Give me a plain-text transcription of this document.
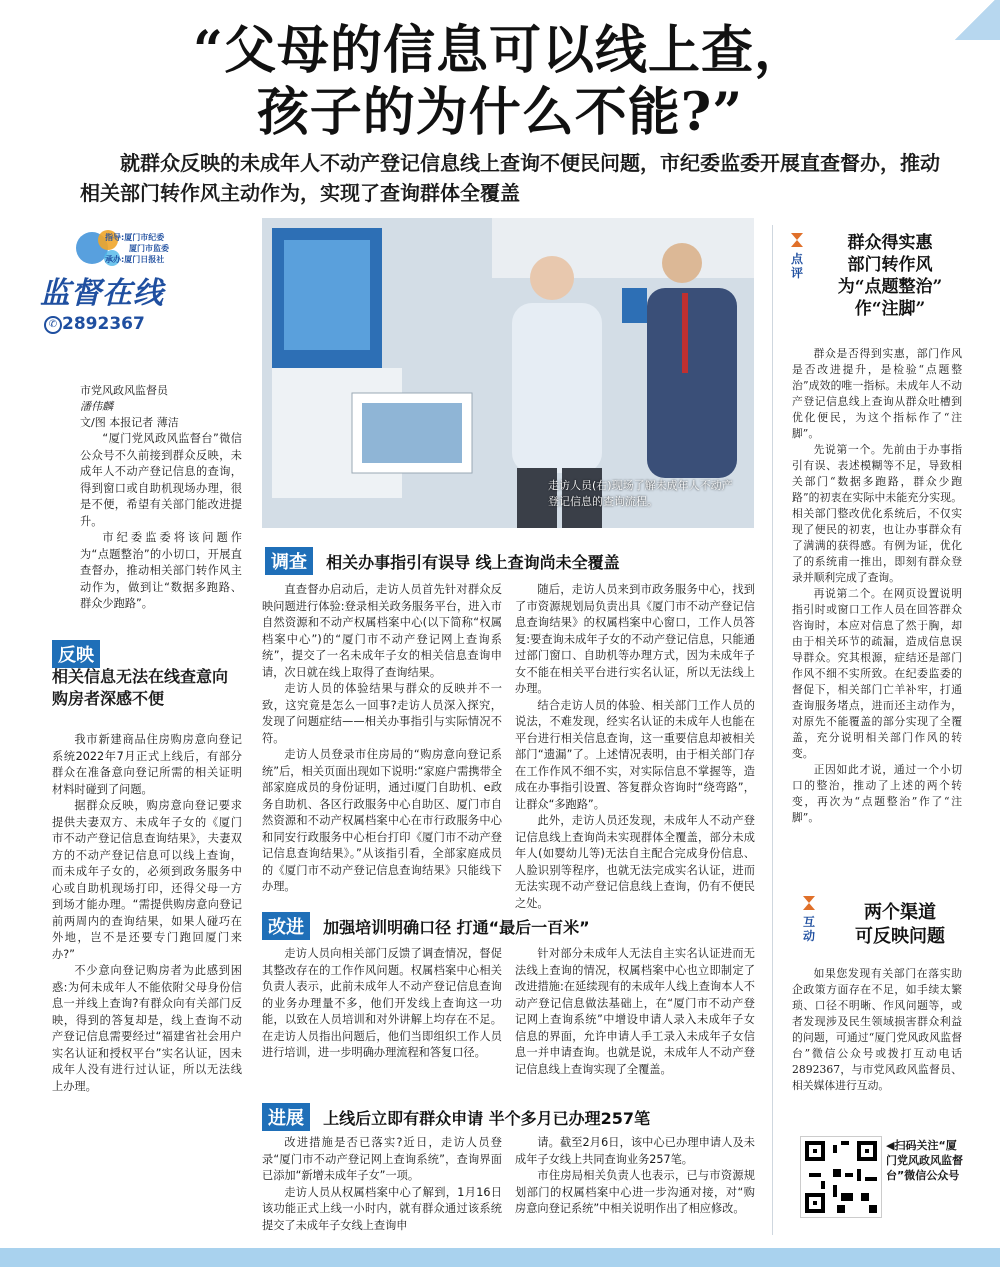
“父母的信息可以线上查，
孩子的为什么不能?”
就群众反映的未成年人不动产登记信息线上查询不便民问题，市纪委监委开展直查督办，推动相关部门转作风主动作为，实现了查询群体全覆盖
指导:厦门市纪委
厦门市监委
承办:厦门日报社
监督在线
✆ 2892367
市党风政风监督员
潘伟麟
文/图 本报记者 薄洁

“厦门党风政风监督台”微信公众号不久前接到群众反映，未成年人不动产登记信息的查询，得到窗口或自助机现场办理，很是不便，希望有关部门能改进提升。

市纪委监委将该问题作为“点题整治”的小切口，开展直查督办，推动相关部门转作风主动作为，做到让“数据多跑路、群众少跑路”。

反映
相关信息无法在线查意向购房者深感不便

我市新建商品住房购房意向登记系统2022年7月正式上线后，有部分群众在准备意向登记所需的相关证明材料时碰到了问题。

据群众反映，购房意向登记要求提供夫妻双方、未成年子女的《厦门市不动产登记信息查询结果》，夫妻双方的不动产登记信息可以线上查询，而未成年子女的，必须到政务服务中心或自助机现场打印，还得父母一方到场才能办理。“需提供购房意向登记前两周内的查询结果，如果人碰巧在外地，岂不是还要专门跑回厦门来办?”

不少意向登记购房者为此感到困惑:为何未成年人不能依附父母身份信息一并线上查询?有群众向有关部门反映，得到的答复却是，线上查询不动产登记信息需要经过“福建省社会用户实名认证和授权平台”实名认证，因未成年人没有进行过认证，所以无法线上办理。

走访人员(右)现场了解未成年人不动产登记信息的查询流程。
调查 相关办事指引有误导 线上查询尚未全覆盖

直查督办启动后，走访人员首先针对群众反映问题进行体验:登录相关政务服务平台，进入市自然资源和不动产权属档案中心(以下简称“权属档案中心”)的“厦门市不动产登记网上查询系统”，提交了一名未成年子女的相关信息查询申请，次日就在线上取得了查询结果。

走访人员的体验结果与群众的反映并不一致，这究竟是怎么一回事?走访人员深入探究，发现了问题症结——相关办事指引与实际情况不符。

走访人员登录市住房局的“购房意向登记系统”后，相关页面出现如下说明:“家庭户需携带全部家庭成员的身份证明，通过i厦门自助机、e政务自助机、各区行政服务中心自助区、厦门市自然资源和不动产权属档案中心在市行政服务中心和同安行政服务中心柜台打印《厦门市不动产登记信息查询结果》。”从该指引看，全部家庭成员的《厦门市不动产登记信息查询结果》只能线下办理。

随后，走访人员来到市政务服务中心，找到了市资源规划局负责出具《厦门市不动产登记信息查询结果》的权属档案中心窗口，工作人员答复:要查询未成年子女的不动产登记信息，只能通过部门窗口、自助机等办理方式，因为未成年子女不能在相关平台进行实名认证，所以无法线上办理。

结合走访人员的体验、相关部门工作人员的说法，不难发现，经实名认证的未成年人也能在平台进行相关信息查询，这一重要信息却被相关部门“遗漏”了。上述情况表明，由于相关部门存在工作作风不细不实，对实际信息不掌握等，造成在办事指引设置、答复群众咨询时“绕弯路”，让群众“多跑路”。

此外，走访人员还发现，未成年人不动产登记信息线上查询尚未实现群体全覆盖，部分未成年人(如婴幼儿等)无法自主配合完成身份信息、人脸识别等程序，也就无法完成实名认证，进而无法实现不动产登记信息线上查询，仍有不便民之处。

改进 加强培训明确口径 打通“最后一百米”

走访人员向相关部门反馈了调查情况，督促其整改存在的工作作风问题。权属档案中心相关负责人表示，此前未成年人不动产登记信息查询的业务办理量不多，他们开发线上查询这一功能，以致在人员培训和对外讲解上均存在不足。在走访人员指出问题后，他们当即组织工作人员进行培训，进一步明确办理流程和答复口径。

针对部分未成年人无法自主实名认证进而无法线上查询的情况，权属档案中心也立即制定了改进措施:在延续现有的未成年人线上查询本人不动产登记信息做法基础上，在“厦门市不动产登记网上查询系统”中增设申请人录入未成年子女信息的界面，允许申请人手工录入未成年子女信息一并申请查询。也就是说，未成年人不动产登记信息线上查询实现了全覆盖。

进展 上线后立即有群众申请 半个多月已办理257笔

改进措施是否已落实?近日，走访人员登录“厦门市不动产登记网上查询系统”，查询界面已添加“新增未成年子女”一项。

走访人员从权属档案中心了解到，1月16日该功能正式上线一小时内，就有群众通过该系统提交了未成年子女线上查询申

请。截至2月6日，该中心已办理申请人及未成年子女线上共同查询业务257笔。

市住房局相关负责人也表示，已与市资源规划部门的权属档案中心进一步沟通对接，对“购房意向登记系统”中相关说明作出了相应修改。

点评
群众得实惠
部门转作风
为“点题整治”
作“注脚”

群众是否得到实惠，部门作风是否改进提升，是检验“点题整治”成效的唯一指标。未成年人不动产登记信息线上查询从群众吐槽到优化便民，为这个指标作了“注脚”。

先说第一个。先前由于办事指引有误、表述模糊等不足，导致相关部门“数据多跑路，群众少跑路”的初衷在实际中未能充分实现。相关部门整改优化系统后，不仅实现了便民的初衷，也让办事群众有了满满的获得感。有例为证，优化了的系统甫一推出，即刻有群众登录并顺利完成了查询。

再说第二个。在网页设置说明指引时或窗口工作人员在回答群众咨询时，本应对信息了然于胸，却由于相关环节的疏漏，造成信息误导群众。究其根源，症结还是部门作风不细不实所致。在纪委监委的督促下，相关部门亡羊补牢，打通查询服务堵点，进而还主动作为，对原先不能覆盖的部分实现了全覆盖，充分说明相关部门作风的转变。

正因如此才说，通过一个小切口的整治，推动了上述的两个转变，再次为“点题整治”作了“注脚”。

互动
两个渠道
可反映问题

如果您发现有关部门在落实助企政策方面存在不足，如手续太繁琐、口径不明晰、作风问题等，或者发现涉及民生领域损害群众利益的问题，可通过“厦门党风政风监督台”微信公众号或拨打互动电话2892367，与市党风政风监督员、相关媒体进行互动。

◀扫码关注“厦门党风政风监督台”微信公众号
